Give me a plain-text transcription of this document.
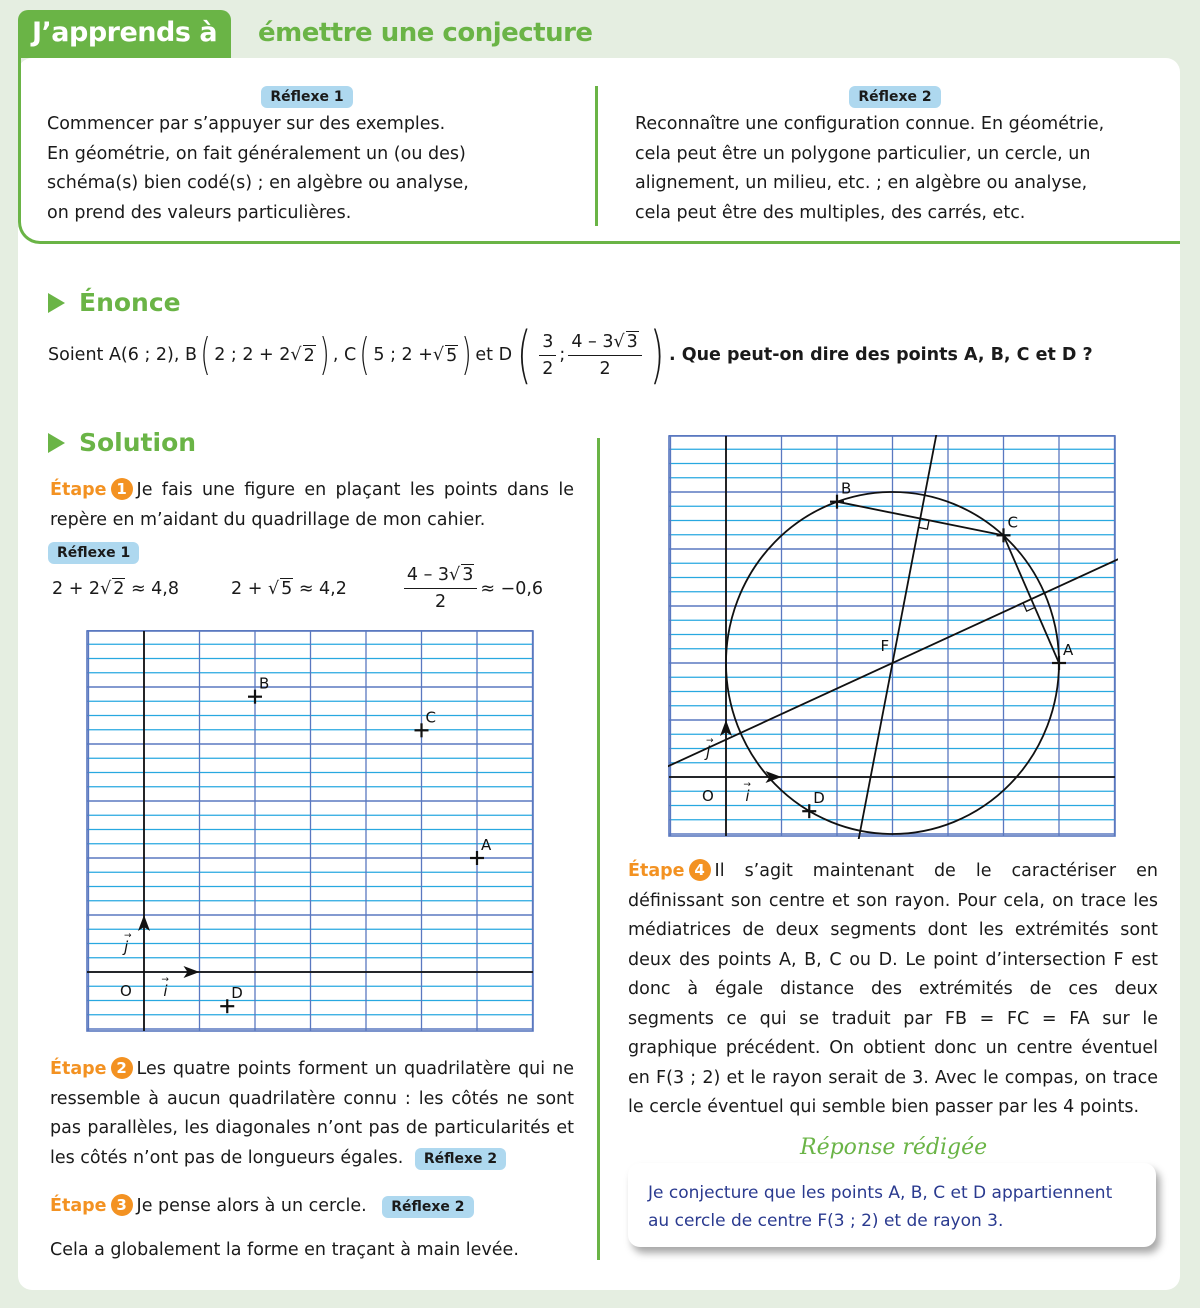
J’apprends à	émettre une conjecture
Réflexe 1
Commencer par s’appuyer sur des exemples.
En géométrie, on fait généralement un (ou des)
schéma(s) bien codé(s) ; en algèbre ou analyse,
on prend des valeurs particulières.
Réflexe 2
Reconnaître une configuration connue. En géométrie,
cela peut être un polygone particulier, un cercle, un
alignement, un milieu, etc. ; en algèbre ou analyse,
cela peut être des multiples, des carrés, etc.
Énonce
Soient A(6 ; 2), B ( 2 ; 2 + 2 √ 2 ) , C ( 5 ; 2 + √ 5 ) et D ( $\frac{3}{2}$ ; $\frac{4 - 3√ 3}{2}$ ) . Que peut-on dire des points A, B, C et D ?
Solution
Étape 1 Je fais une figure en plaçant les points dans le repère en m’aidant du quadrillage de mon cahier.
Réflexe 1
2 + 2√ 2 ≈ 4,8	2 + √ 5 ≈ 4,2	$\frac{4 - 3√ 3}{2} \approx -0,6$
O i
j
→
→
A
B
C
D
Étape 2 Les quatre points forment un quadrilatère qui ne ressemble à aucun quadrilatère connu : les côtés ne sont pas parallèles, les diagonales n’ont pas de particularités et les côtés n’ont pas de longueurs égales. Réflexe 2
Étape 3 Je pense alors à un cercle. Réflexe 2
Cela a globalement la forme en traçant à main levée.
O i
j
→
→
A
B
C
D
F
Étape 4 Il s’agit maintenant de le caractériser en définissant son centre et son rayon. Pour cela, on trace les médiatrices de deux segments dont les extrémités sont deux des points A, B, C ou D. Le point d’intersection F est donc à égale distance des extrémités de ces deux segments ce qui se traduit par FB = FC = FA sur le graphique précédent. On obtient donc un centre éventuel en F(3 ; 2) et le rayon serait de 3. Avec le compas, on trace le cercle éventuel qui semble bien passer par les 4 points.
Réponse rédigée
Je conjecture que les points A, B, C et D appartiennent
au cercle de centre F(3 ; 2) et de rayon 3.
